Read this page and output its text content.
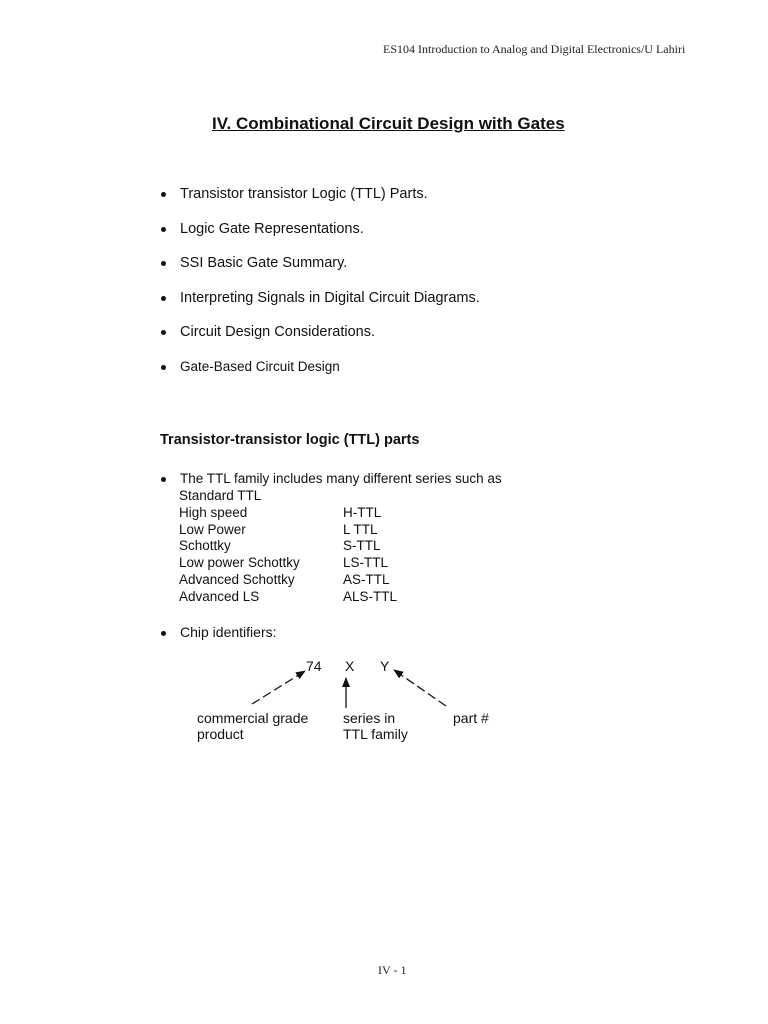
ES104 Introduction to Analog and Digital Electronics/U Lahiri
IV. Combinational Circuit Design with Gates
Transistor transistor Logic (TTL) Parts.
Logic Gate Representations.
SSI Basic Gate Summary.
Interpreting Signals in Digital Circuit Diagrams.
Circuit Design Considerations.
Gate-Based Circuit Design
Transistor-transistor logic (TTL) parts
The TTL family includes many different series such as
Standard TTL
High speed	H-TTL
Low Power	L TTL
Schottky	S-TTL
Low power Schottky	LS-TTL
Advanced Schottky	AS-TTL
Advanced LS	ALS-TTL
Chip identifiers:
74 X Y
commercial grade
product
series in
TTL family
part #
IV - 1
